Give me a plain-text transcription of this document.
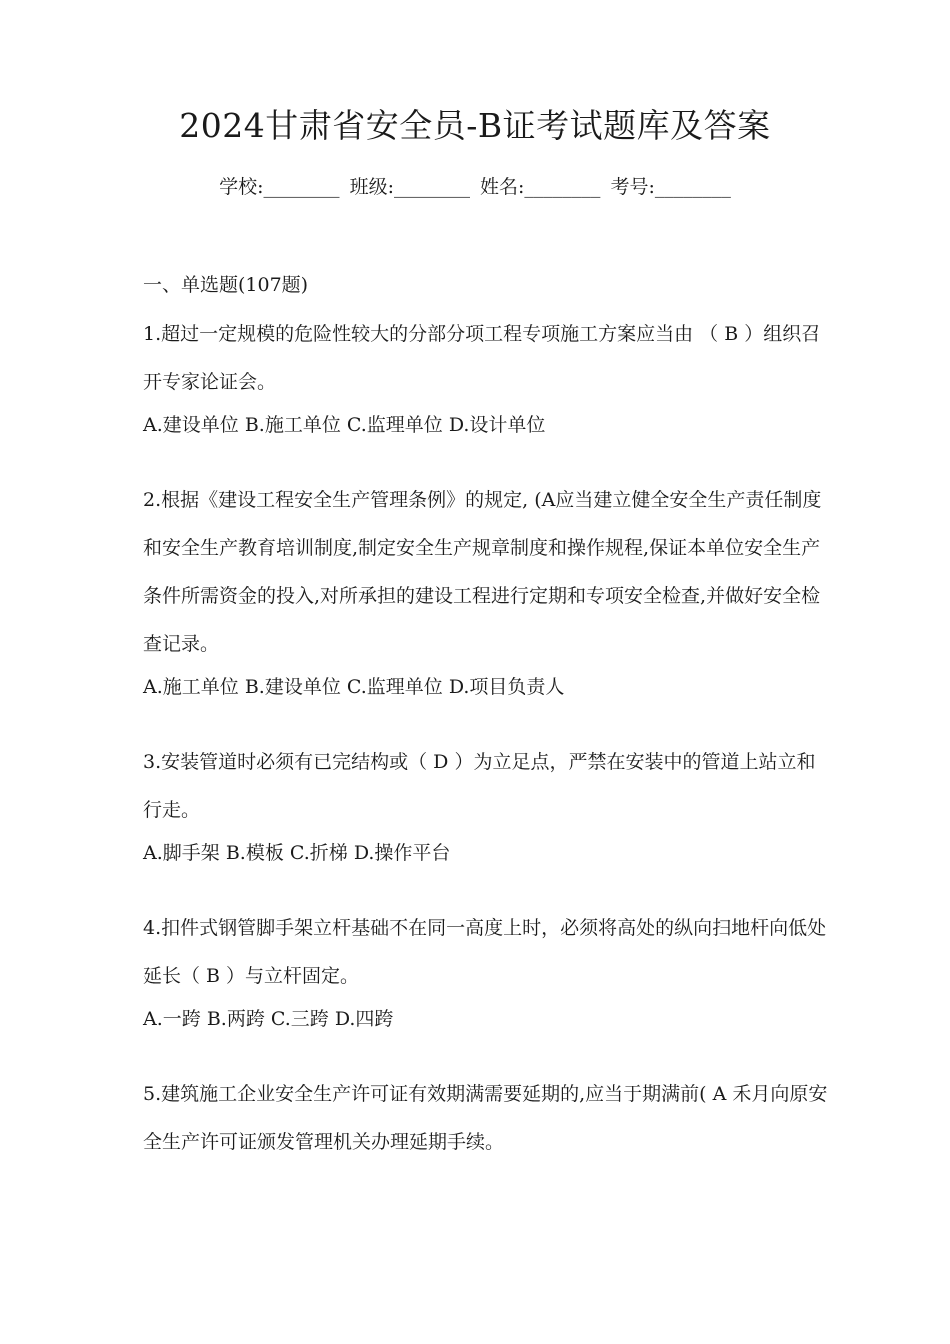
2024甘肃省安全员-B证考试题库及答案
学校:________ 班级:________ 姓名:________ 考号:________
一、单选题(107题)

1.超过一定规模的危险性较大的分部分项工程专项施工方案应当由 （ B ）组织召开专家论证会。

A.建设单位 B.施工单位 C.监理单位 D.设计单位

2.根据《建设工程安全生产管理条例》的规定, (A应当建立健全安全生产责任制度和安全生产教育培训制度,制定安全生产规章制度和操作规程,保证本单位安全生产条件所需资金的投入,对所承担的建设工程进行定期和专项安全检查,并做好安全检查记录。

A.施工单位 B.建设单位 C.监理单位 D.项目负责人

3.安装管道时必须有已完结构或（ D ）为立足点，严禁在安装中的管道上站立和行走。

A.脚手架 B.模板 C.折梯 D.操作平台

4.扣件式钢管脚手架立杆基础不在同一高度上时，必须将高处的纵向扫地杆向低处延长（ B ）与立杆固定。

A.一跨 B.两跨 C.三跨 D.四跨

5.建筑施工企业安全生产许可证有效期满需要延期的,应当于期满前( A 禾月向原安全生产许可证颁发管理机关办理延期手续。
